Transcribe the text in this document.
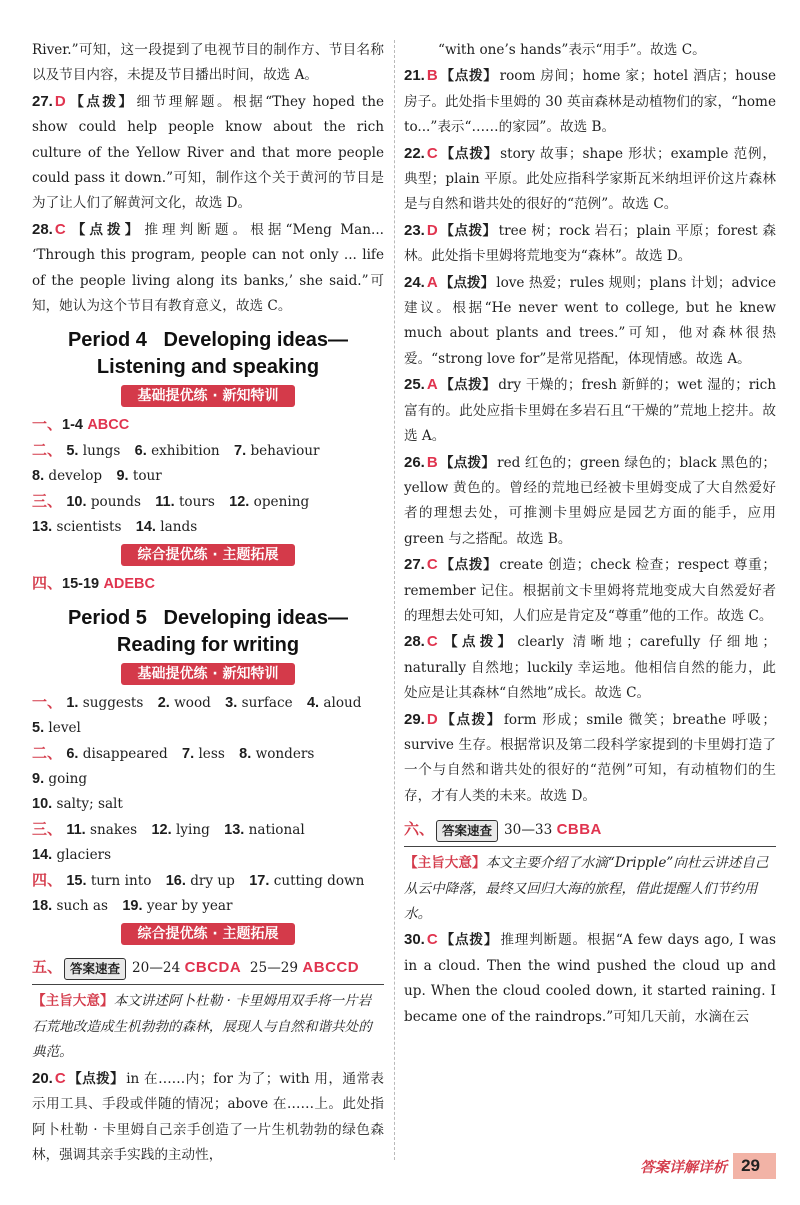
River.”可知，这一段提到了电视节目的制作方、节目名称以及节目内容，未提及节目播出时间，故选 A。

27. D 【点拨】 细节理解题。根据“They hoped the show could help people know about the rich culture of the Yellow River and that more people could pass it down.”可知，制作这个关于黄河的节目是为了让人们了解黄河文化，故选 D。

28. C 【点拨】 推理判断题。根据“Meng Man... ‘Through this program, people can not only ... life of the people living along its banks,’ she said.”可知，她认为这个节目有教育意义，故选 C。

Period 4   Developing ideas—
Listening and speaking
基础提优练 · 新知特训
一、1-4 ABCC
二、 5. lungs 6. exhibition 7. behaviour
8. develop 9. tour
三、 10. pounds 11. tours 12. opening
13. scientists 14. lands
综合提优练 · 主题拓展
四、15-19 ADEBC
Period 5   Developing ideas—
Reading for writing
基础提优练 · 新知特训
一、 1. suggests 2. wood 3. surface 4. aloud
5. level
二、 6. disappeared 7. less 8. wonders 9. going
10. salty; salt
三、 11. snakes 12. lying 13. national 14. glaciers
四、 15. turn into 16. dry up 17. cutting down
18. such as 19. year by year
综合提优练 · 主题拓展
五、 答案速查 20—24 CBCDA 25—29 ABCCD

【主旨大意】本文讲述阿卜杜勒 · 卡里姆用双手将一片岩石荒地改造成生机勃勃的森林，展现人与自然和谐共处的典范。

20. C 【点拨】 in 在……内；for 为了；with 用，通常表示用工具、手段或伴随的情况；above 在……上。此处指阿卜杜勒 · 卡里姆自己亲手创造了一片生机勃勃的绿色森林，强调其亲手实践的主动性，

“with one’s hands”表示“用手”。故选 C。

21. B 【点拨】 room 房间；home 家；hotel 酒店；house 房子。此处指卡里姆的 30 英亩森林是动植物们的家，“home to...”表示“……的家园”。故选 B。

22. C 【点拨】 story 故事；shape 形状；example 范例，典型；plain 平原。此处应指科学家斯瓦米纳坦评价这片森林是与自然和谐共处的很好的“范例”。故选 C。

23. D 【点拨】 tree 树；rock 岩石；plain 平原；forest 森林。此处指卡里姆将荒地变为“森林”。故选 D。

24. A 【点拨】 love 热爱；rules 规则；plans 计划；advice 建议。根据“He never went to college, but he knew much about plants and trees.”可知，他对森林很热爱。“strong love for”是常见搭配，体现情感。故选 A。

25. A 【点拨】 dry 干燥的；fresh 新鲜的；wet 湿的；rich 富有的。此处应指卡里姆在多岩石且“干燥的”荒地上挖井。故选 A。

26. B 【点拨】 red 红色的；green 绿色的；black 黑色的；yellow 黄色的。曾经的荒地已经被卡里姆变成了大自然爱好者的理想去处，可推测卡里姆应是园艺方面的能手，应用 green 与之搭配。故选 B。

27. C 【点拨】 create 创造；check 检查；respect 尊重；remember 记住。根据前文卡里姆将荒地变成大自然爱好者的理想去处可知，人们应是肯定及“尊重”他的工作。故选 C。

28. C 【点拨】 clearly 清晰地；carefully 仔细地；naturally 自然地；luckily 幸运地。他相信自然的能力，此处应是让其森林“自然地”成长。故选 C。

29. D 【点拨】 form 形成；smile 微笑；breathe 呼吸；survive 生存。根据常识及第二段科学家提到的卡里姆打造了一个与自然和谐共处的很好的“范例”可知，有动植物们的生存，才有人类的未来。故选 D。

六、 答案速查 30—33 CBBA

【主旨大意】本文主要介绍了水滴“Dripple”向杜云讲述自己从云中降落，最终又回归大海的旅程，借此提醒人们节约用水。

30. C 【点拨】 推理判断题。根据“A few days ago, I was in a cloud. Then the wind pushed the cloud up and up. When the cloud cooled down, it started raining. I became one of the raindrops.”可知几天前，水滴在云

答案详解详析 29
